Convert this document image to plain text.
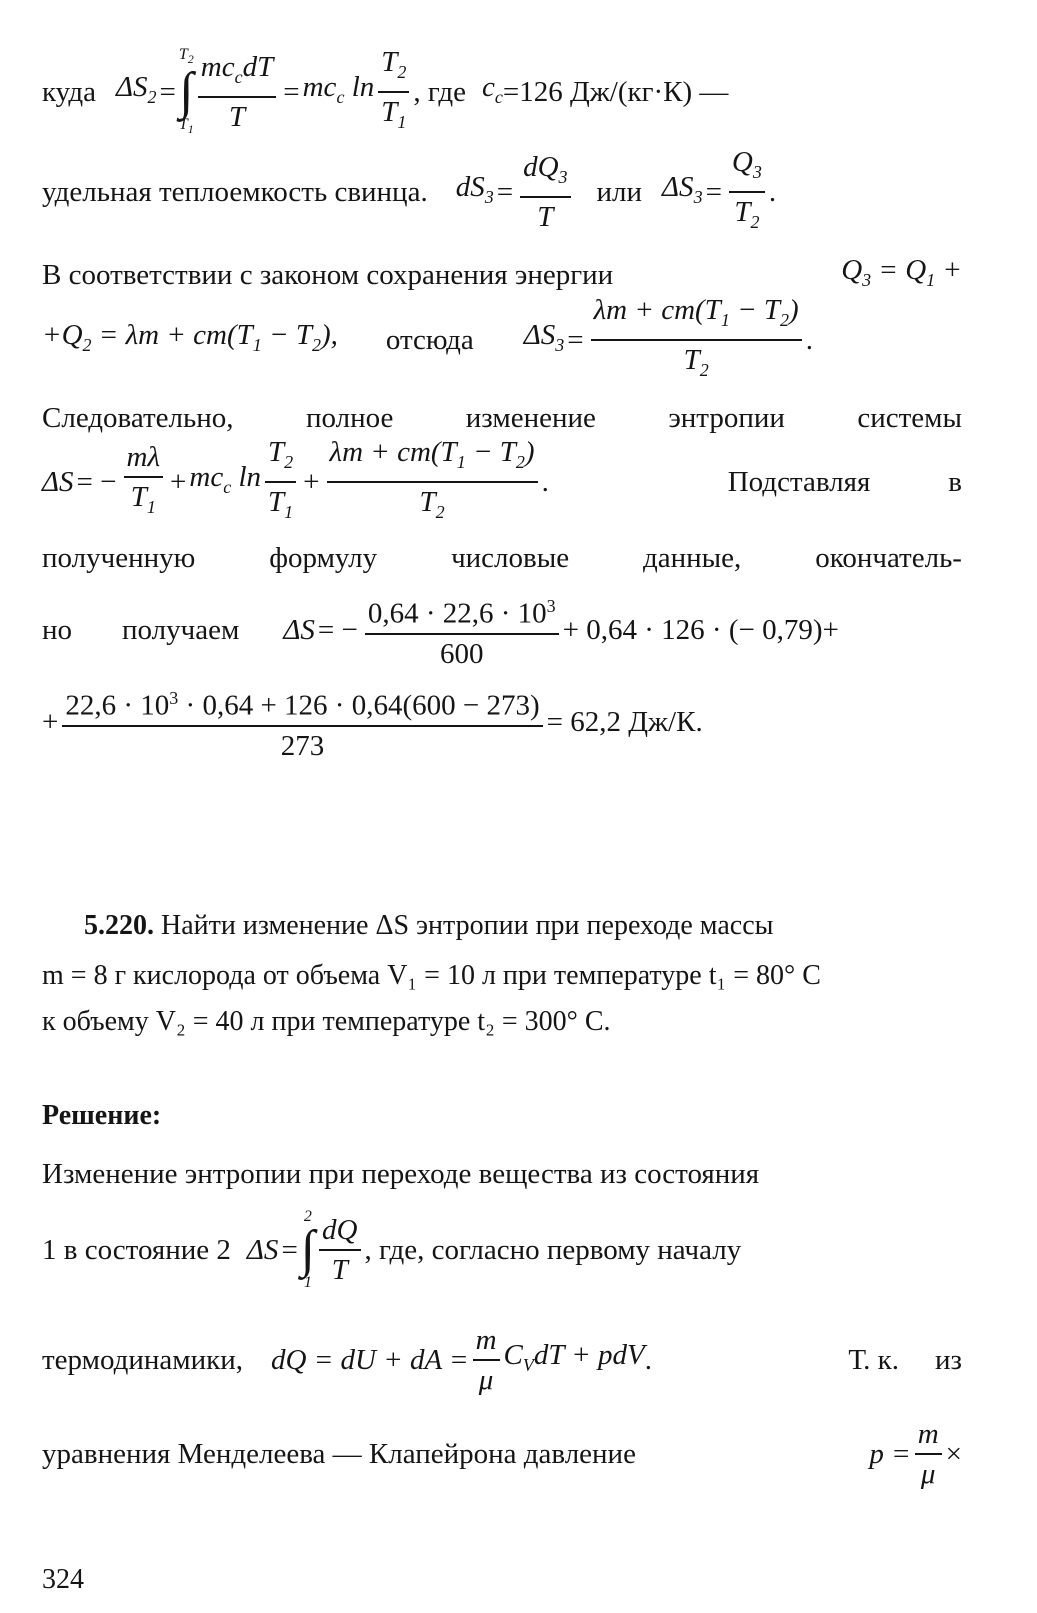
куда $\Delta S_2$ =
$T_2$
∫
$T_1 \frac{mc_cdT}{T} = mc_c$ $\ln \frac{T_2}{T_1}$ , где $c_c =126$ Дж/(кг·К) —
удельная теплоемкость свинца. $dS_3 = \frac{dQ_3}{T}$ или $\Delta S_3 = \frac{Q_3}{T_2}$ .
В соответствии с законом сохранения энергии	$Q_3 = Q_1$ +
$+Q_2 = \lambda m + cm(T_1 - T_2)$, отсюда $\Delta S_3 = \frac{\lambda m + cm(T_1 - T_2)}{T_2}$ .
Следовательно, полное изменение энтропии системы
ΔS = − $\frac{m\lambda}{T_1} + mc_c$ $\ln \frac{T_2}{T_1} + \frac{\lambda m + cm(T_1 - T_2)}{T_2}$ .	Подставляя	в
полученную	формулу	числовые	данные,	окончатель-
но получаем ΔS = − $\frac{0,64 \cdot 22,6 \cdot 10^3}{600} + 0,64 \cdot 126$ · (− 0,79)+
+ $\frac{22,6 \cdot 10^3 \cdot 0,64 + 126 \cdot 0,64(600 - 273)}{273} = 62,2$ Дж/К.
5.220. Найти изменение ΔS энтропии при переходе массы
m = 8 г кислорода от объема V₁ = 10 л при температуре t₁ = 80° С
к объему V₂ = 40 л при температуре t₂ = 300° С.
Решение:
Изменение энтропии при переходе вещества из состояния
1 в состояние 2 ΔS =
2
∫
$1 \frac{dQ}{T}$ , где, согласно первому началу
термодинамики, dQ = dU + dA = $\frac{m}{\mu} C_VdT$ + pdV .	Т. к. из
уравнения Менделеева — Клапейрона давление	$p = \frac{m}{\mu}$ ×
324
